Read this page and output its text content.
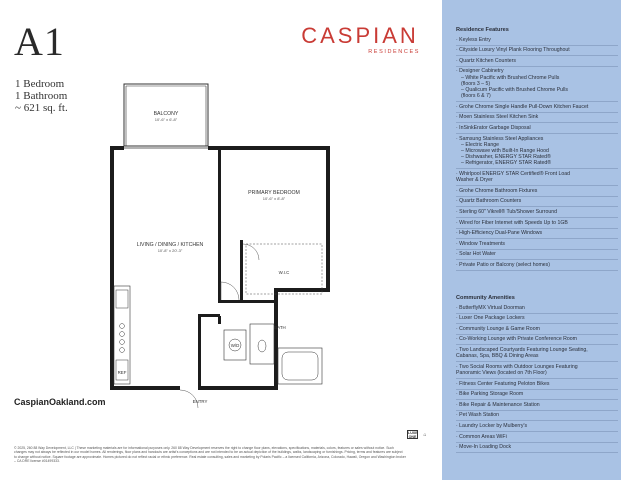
A1
1 Bedroom
1 Bathroom
~ 621 sq. ft.
CASPIAN
RESIDENCES
BALCONY
10'-6" x 6'-8"
PRIMARY BEDROOM
10'-6" x 8'-8"
LIVING / DINING / KITCHEN
10'-8" x 20'-3"
W.I.C
BATH
W/D
REF
ENTRY
CaspianOakland.com
© 2025, 260 88 Way Development, LLC | These marketing materials are for informational purposes only. 260 88 Way Development reserves the right to change floor plans, elevations, specifications, materials, colors, features or sales without notice. Such changes may not always be reflected in our model homes. All renderings, floor plans and handouts are artist's conceptions and are not intended to be an actual depiction of the buildings, walks, landscaping or furnishings. Pricing, terms and features are subject to change without notice. Square footage are approximate. Homes pictured do not reflect racial or ethnic preference. Real estate consulting, sales and marketing by Polaris Pacific – a licensed California, Arizona, Colorado, Hawaii, Oregon and Washington broker – CA DRE license #01499333.
LUXE ONE	⌂
Residence Features
· Keyless Entry
· Cityside Luxury Vinyl Plank Flooring Throughout
· Quartz Kitchen Counters
· Designer Cabinetry
– White Pacific with Brushed Chrome Pulls
(floors 3 – 5)
– Qualicum Pacific with Brushed Chrome Pulls
(floors 6 & 7)
· Grohe Chrome Single Handle Pull-Down Kitchen Faucet
· Moen Stainless Steel Kitchen Sink
· InSinkErator Garbage Disposal
· Samsung Stainless Steel Appliances
– Electric Range
– Microwave with Built-In Range Hood
– Dishwasher, ENERGY STAR Rated®
– Refrigerator, ENERGY STAR Rated®
· Whirlpool ENERGY STAR Certified® Front Load
Washer & Dryer
· Grohe Chrome Bathroom Fixtures
· Quartz Bathroom Counters
· Sterling 60" Vikrell® Tub/Shower Surround
· Wired for Fiber Internet with Speeds Up to 1GB
· High-Efficiency Dual-Pane Windows
· Window Treatments
· Solar Hot Water
· Private Patio or Balcony (select homes)
Community Amenities
· ButterflyMX Virtual Doorman
· Luxer One Package Lockers
· Community Lounge & Game Room
· Co-Working Lounge with Private Conference Room
· Two Landscaped Courtyards Featuring Lounge Seating,
Cabanas, Spa, BBQ & Dining Areas
· Two Social Rooms with Outdoor Lounges Featuring
Panoramic Views (located on 7th Floor)
· Fitness Center Featuring Peloton Bikes
· Bike Parking Storage Room
· Bike Repair & Maintenance Station
· Pet Wash Station
· Laundry Locker by Mulberry's
· Common Areas WiFi
· Move-In Loading Dock
